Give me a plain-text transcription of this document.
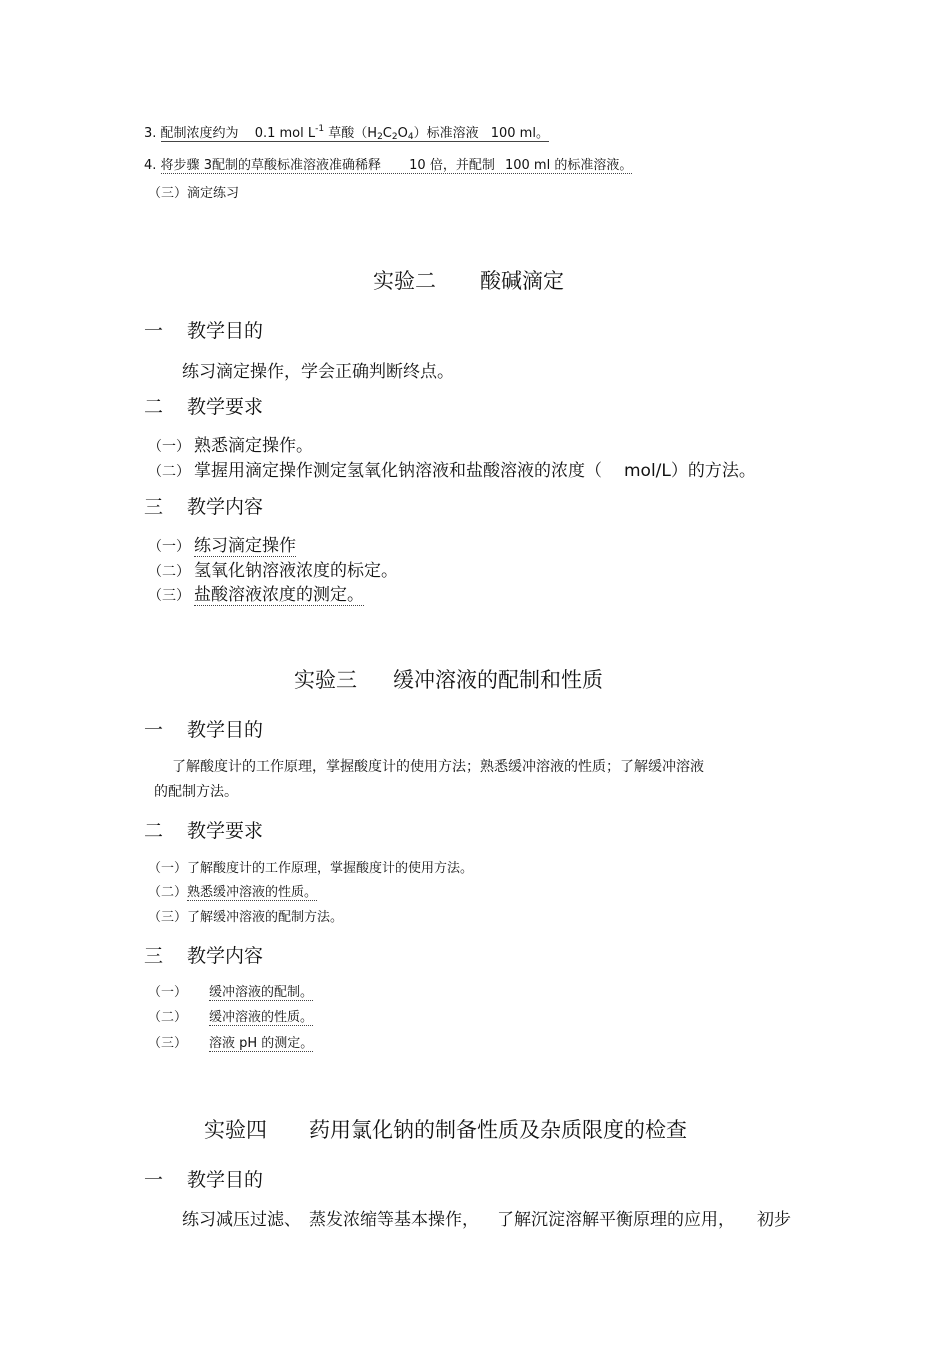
3. 配制浓度约为 0.1 mol $L^{-1}$ 草酸$(H_2C_2O_4)$标准溶液 100 ml。
4. 将步骤 3配制的草酸标准溶液准确稀释 10 倍，并配制 100 ml 的标准溶液。
（三）滴定练习
实验二 酸碱滴定
一 教学目的
练习滴定操作，学会正确判断终点。
二 教学要求
（一） 熟悉滴定操作。
（二） 掌握用滴定操作测定氢氧化钠溶液和盐酸溶液的浓度（ mol/L）的方法。
三 教学内容
（一） 练习滴定操作
（二） 氢氧化钠溶液浓度的标定。
（三） 盐酸溶液浓度的测定。
实验三 缓冲溶液的配制和性质
一 教学目的
了解酸度计的工作原理，掌握酸度计的使用方法；熟悉缓冲溶液的性质；了解缓冲溶液
的配制方法。
二 教学要求
（一）了解酸度计的工作原理，掌握酸度计的使用方法。
（二）熟悉缓冲溶液的性质。
（三）了解缓冲溶液的配制方法。
三 教学内容
（一） 缓冲溶液的配制。
（二） 缓冲溶液的性质。
（三） 溶液 pH 的测定。
实验四 药用氯化钠的制备性质及杂质限度的检查
一 教学目的
练习减压过滤、 蒸发浓缩等基本操作， 了解沉淀溶解平衡原理的应用， 初步
